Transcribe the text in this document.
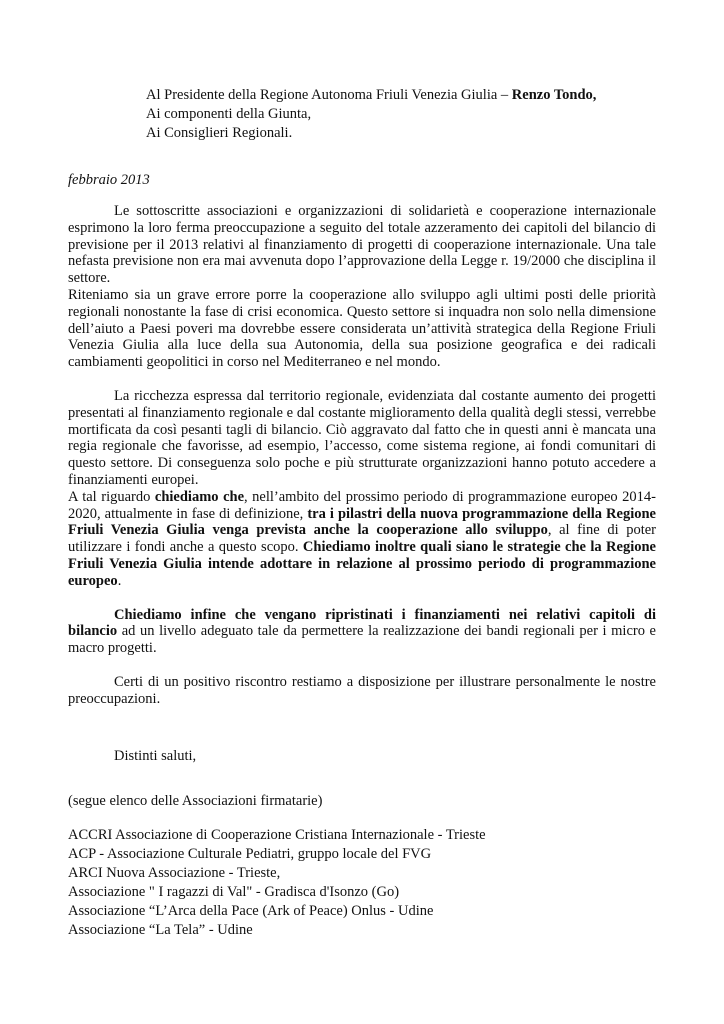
Al Presidente della Regione Autonoma Friuli Venezia Giulia – Renzo Tondo,
Ai componenti della Giunta,
Ai Consiglieri Regionali.
febbraio 2013

Le sottoscritte associazioni e organizzazioni di solidarietà e cooperazione internazionale esprimono la loro ferma preoccupazione a seguito del totale azzeramento dei capitoli del bilancio di previsione per il 2013 relativi al finanziamento di progetti di cooperazione internazionale. Una tale nefasta previsione non era mai avvenuta dopo l’approvazione della Legge r. 19/2000 che disciplina il settore.

Riteniamo sia un grave errore porre la cooperazione allo sviluppo agli ultimi posti delle priorità regionali nonostante la fase di crisi economica. Questo settore si inquadra non solo nella dimensione dell’aiuto a Paesi poveri ma dovrebbe essere considerata un’attività strategica della Regione Friuli Venezia Giulia alla luce della sua Autonomia, della sua posizione geografica e dei radicali cambiamenti geopolitici in corso nel Mediterraneo e nel mondo.

La ricchezza espressa dal territorio regionale, evidenziata dal costante aumento dei progetti presentati al finanziamento regionale e dal costante miglioramento della qualità degli stessi, verrebbe mortificata da così pesanti tagli di bilancio. Ciò aggravato dal fatto che in questi anni è mancata una regia regionale che favorisse, ad esempio, l’accesso, come sistema regione, ai fondi comunitari di questo settore. Di conseguenza solo poche e più strutturate organizzazioni hanno potuto accedere a finanziamenti europei.

A tal riguardo chiediamo che, nell’ambito del prossimo periodo di programmazione europeo 2014-2020, attualmente in fase di definizione, tra i pilastri della nuova programmazione della Regione Friuli Venezia Giulia venga prevista anche la cooperazione allo sviluppo, al fine di poter utilizzare i fondi anche a questo scopo. Chiediamo inoltre quali siano le strategie che la Regione Friuli Venezia Giulia intende adottare in relazione al prossimo periodo di programmazione europeo.

Chiediamo infine che vengano ripristinati i finanziamenti nei relativi capitoli di bilancio ad un livello adeguato tale da permettere la realizzazione dei bandi regionali per i micro e macro progetti.

Certi di un positivo riscontro restiamo a disposizione per illustrare personalmente le nostre preoccupazioni.

Distinti saluti,

(segue elenco delle Associazioni firmatarie)
ACCRI Associazione di Cooperazione Cristiana Internazionale - Trieste
ACP - Associazione Culturale Pediatri, gruppo locale del FVG
ARCI Nuova Associazione - Trieste,
Associazione " I ragazzi di Val" - Gradisca d'Isonzo (Go)
Associazione “L’Arca della Pace (Ark of Peace) Onlus - Udine
Associazione “La Tela” - Udine
